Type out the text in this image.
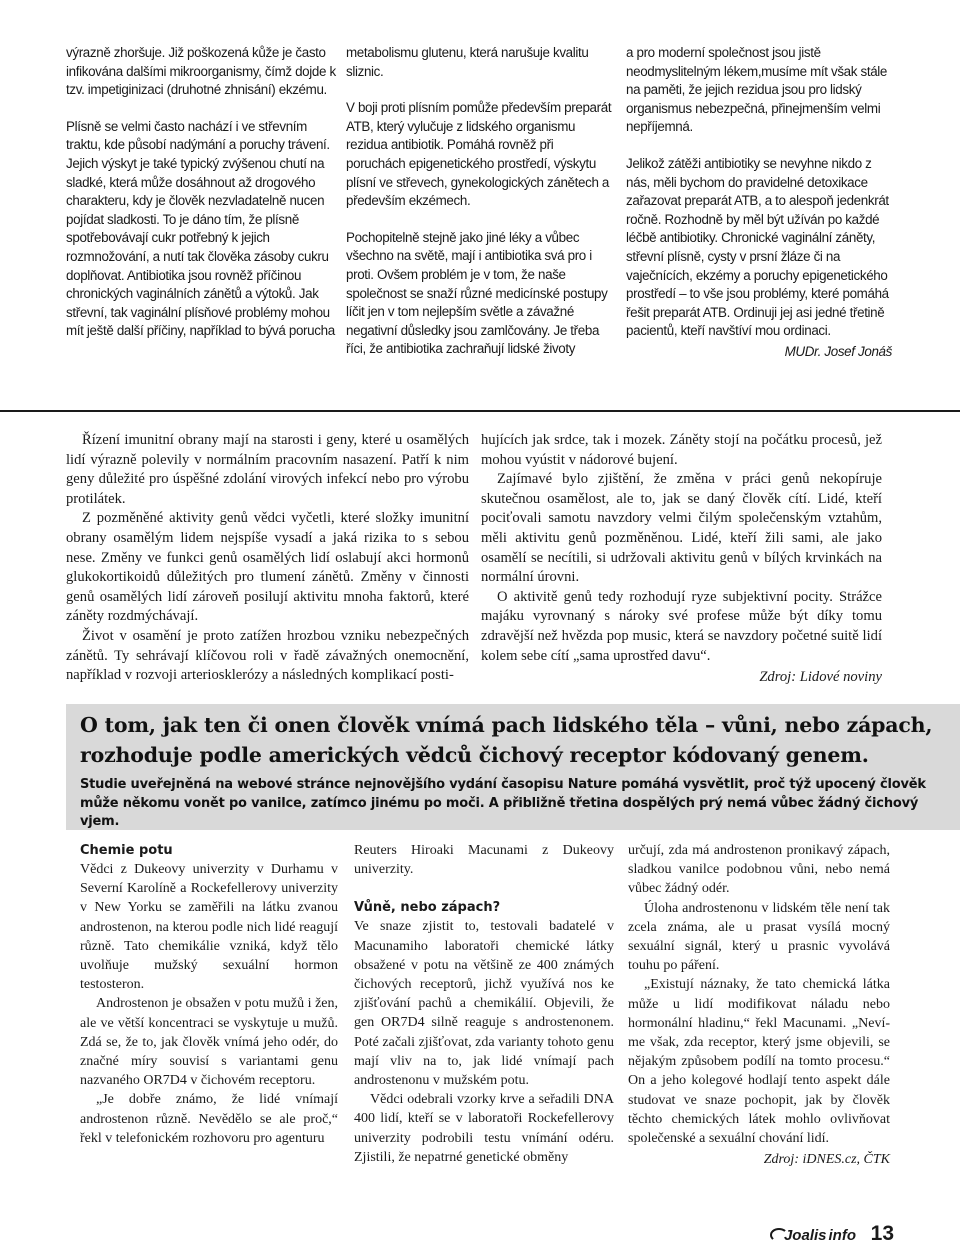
výrazně zhoršuje. Již poškozená kůže je často infikována dalšími mikroorganismy, čímž dojde k tzv. impetiginizaci (druhotné zhnisání) ekzému.

Plísně se velmi často nachází i ve střevním traktu, kde působí nadýmání a poruchy trávení. Jejich výskyt je také typický zvýšenou chutí na sladké, která může dosáhnout až drogového charakteru, kdy je člověk nezvladatelně nucen pojídat sladkosti. To je dáno tím, že plísně spotřebovávají cukr potřebný k jejich rozmnožování, a nutí tak člověka zásoby cukru doplňovat. Antibiotika jsou rovněž příčinou chronických vaginálních zánětů a výtoků. Jak střevní, tak vaginální plísňové problémy mohou mít ještě další příčiny, například to bývá porucha

metabolismu glutenu, která narušuje kvalitu sliznic.

V boji proti plísním pomůže především preparát ATB, který vylučuje z lidského organismu rezidua antibiotik. Pomáhá rovněž při poruchách epigenetického prostředí, výskytu plísní ve střevech, gynekologických zánětech a především ekzémech.

Pochopitelně stejně jako jiné léky a vůbec všechno na světě, mají i antibiotika svá pro i proti. Ovšem problém je v tom, že naše společnost se snaží různé medicínské postupy líčit jen v tom nejlepším světle a závažné negativní důsledky jsou zamlčovány. Je třeba říci, že antibiotika zachraňují lidské životy

a pro moderní společnost jsou jistě neodmyslitelným lékem,musíme mít však stále na paměti, že jejich rezidua jsou pro lidský organismus nebezpečná, přinejmenším velmi nepříjemná.

Jelikož zátěži antibiotiky se nevyhne nikdo z nás, měli bychom do pravidelné detoxikace zařazovat preparát ATB, a to alespoň jedenkrát ročně. Rozhodně by měl být užíván po každé léčbě antibiotiky. Chronické vaginální záněty, střevní plísně, cysty v prsní žláze či na vaječnících, ekzémy a poruchy epigenetického prostředí – to vše jsou problémy, které pomáhá řešit preparát ATB. Ordinuji jej asi jedné třetině pacientů, kteří navštíví mou ordinaci.

MUDr. Josef Jonáš

Řízení imunitní obrany mají na starosti i geny, které u osamělých lidí výrazně polevily v normálním pracovním nasazení. Patří k nim geny důležité pro úspěšné zdolání virových infekcí nebo pro výrobu protilátek.

Z pozměněné aktivity genů vědci vyčetli, které složky imunitní obrany osamělým lidem nejspíše vysadí a jaká rizika to s sebou nese. Změny ve funkci genů osamělých lidí oslabují akci hormonů glukokortikoidů důležitých pro tlumení zánětů. Změny v činnosti genů osamělých lidí zároveň posilují aktivitu mnoha faktorů, které záněty rozdmýchávají.

Život v osamění je proto zatížen hrozbou vzniku nebezpečných zánětů. Ty sehrávají klíčovou roli v řadě závažných onemocnění, například v rozvoji arteriosklerózy a následných komplikací posti-

hujících jak srdce, tak i mozek. Záněty stojí na počátku procesů, jež mohou vyústit v nádorové bujení.

Zajímavé bylo zjištění, že změna v práci genů nekopíruje skutečnou osamělost, ale to, jak se daný člověk cítí. Lidé, kteří pociťovali samotu navzdory velmi čilým společenským vztahům, měli aktivitu genů pozměněnou. Lidé, kteří žili sami, ale jako osamělí se necítili, si udržovali aktivitu genů v bílých krvinkách na normální úrovni.

O aktivitě genů tedy rozhodují ryze subjektivní pocity. Strážce majáku vyrovnaný s nároky své profese může být díky tomu zdravější než hvězda pop music, která se navzdory početné suitě lidí kolem sebe cítí „sama uprostřed davu“.

Zdroj: Lidové noviny

O tom, jak ten či onen člověk vnímá pach lidského těla – vůni, nebo zápach, rozhoduje podle amerických vědců čichový receptor kódovaný genem.
Studie uveřejněná na webové stránce nejnovějšího vydání časopisu Nature pomáhá vysvětlit, proč týž upocený člověk může někomu vonět po vanilce, zatímco jinému po moči. A přibližně třetina dospělých prý nemá vůbec žádný čichový vjem.
Chemie potu

Vědci z Dukeovy univerzity v Durhamu v Severní Karolíně a Rockefellerovy univerzity v New Yorku se zaměřili na látku zvanou androstenon, na kterou podle nich lidé reagují různě. Tato chemikálie vzniká, když tělo uvolňuje mužský sexuální hormon testosteron.

Androstenon je obsažen v potu mužů i žen, ale ve větší koncentraci se vyskytuje u mužů. Zdá se, že to, jak člověk vnímá jeho odér, do značné míry souvisí s variantami genu nazvaného OR7D4 v čichovém receptoru.

„Je dobře známo, že lidé vnímají androstenon různě. Nevědělo se ale proč,“ řekl v telefonickém rozhovoru pro agenturu

Reuters Hiroaki Macunami z Dukeovy univerzity.

Vůně, nebo zápach?

Ve snaze zjistit to, testovali badatelé v Macunamiho laboratoři chemické látky obsažené v potu na většině ze 400 známých čichových receptorů, jichž využívá nos ke zjišťování pachů a chemikálií. Objevili, že gen OR7D4 silně reaguje s androstenonem. Poté začali zjišťovat, zda varianty tohoto genu mají vliv na to, jak lidé vnímají pach androstenonu v mužském potu.

Vědci odebrali vzorky krve a seřadili DNA 400 lidí, kteří se v laboratoři Rockefellerovy univerzity podrobili testu vnímání odéru. Zjistili, že nepatrné genetické obměny

určují, zda má androstenon pronikavý zápach, sladkou vanilce podobnou vůni, nebo nemá vůbec žádný odér.

Úloha androstenonu v lidském těle není tak zcela známa, ale u prasat vysílá mocný sexuální signál, který u prasnic vyvolává touhu po páření.

„Existují náznaky, že tato chemická látka může u lidí modifikovat náladu nebo hormonální hladinu,“ řekl Macunami. „Neví-me však, zda receptor, který jsme objevili, se nějakým způsobem podílí na tomto procesu.“ On a jeho kolegové hodlají tento aspekt dále studovat ve snaze pochopit, jak by člověk těchto chemických látek mohlo ovlivňovat společenské a sexuální chování lidí.

Zdroj: iDNES.cz, ČTK

Joalis info 13
